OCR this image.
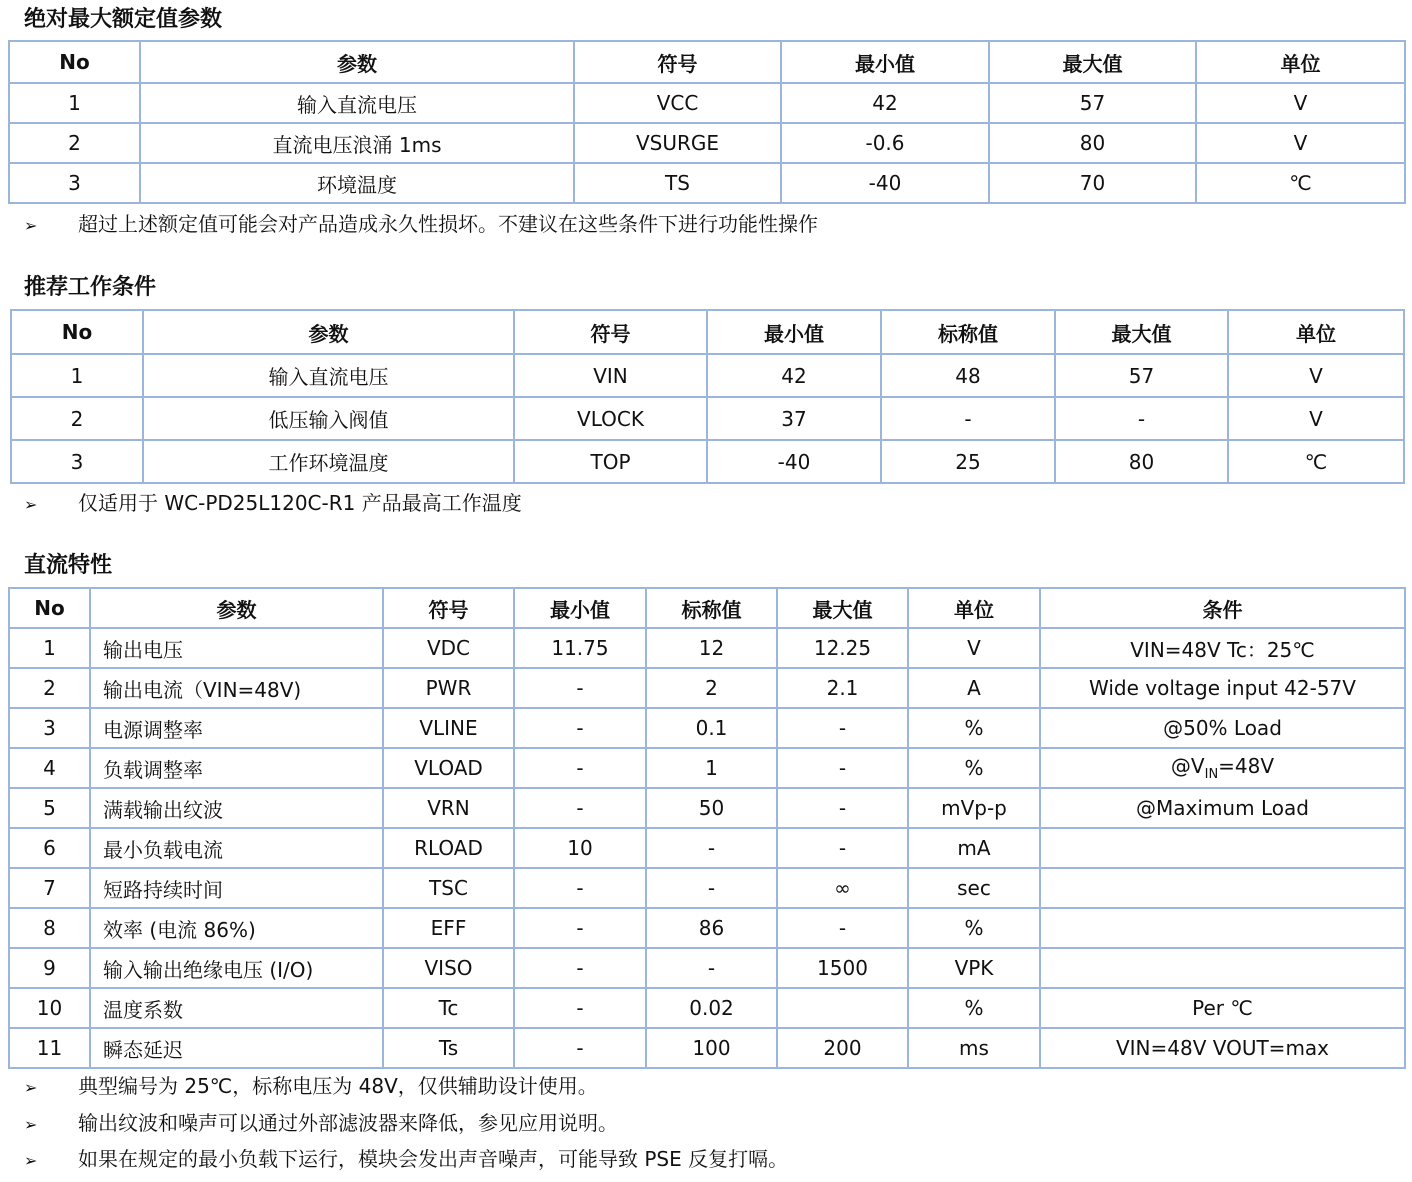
绝对最大额定值参数
No	参数	符号	最小值	最大值	单位
1	输入直流电压	VCC	42	57	V
2	直流电压浪涌 1ms	VSURGE	-0.6	80	V
3	环境温度	TS	-40	70	℃
➢ 超过上述额定值可能会对产品造成永久性损坏。不建议在这些条件下进行功能性操作
推荐工作条件
No	参数	符号	最小值	标称值	最大值	单位
1	输入直流电压	VIN	42	48	57	V
2	低压输入阀值	VLOCK	37	-	-	V
3	工作环境温度	TOP	-40	25	80	℃
➢ 仅适用于 WC-PD25L120C-R1 产品最高工作温度
直流特性
No	参数	符号	最小值	标称值	最大值	单位	条件
1	输出电压	VDC	11.75	12	12.25	V	VIN=48V Tc：25℃
2	输出电流（VIN=48V)	PWR	-	2	2.1	A	Wide voltage input 42-57V
3	电源调整率	VLINE	-	0.1	-	%	@50% Load
4	负载调整率	VLOAD	-	1	-	%	$@V_{IN}=48V$
5	满载输出纹波	VRN	-	50	-	mVp-p	@Maximum Load
6	最小负载电流	RLOAD	10	-	-	mA	
7	短路持续时间	TSC	-	-	∞	sec	
8	效率 (电流 86%)	EFF	-	86	-	%	
9	输入输出绝缘电压 (I/O)	VISO	-	-	1500	VPK	
10	温度系数	Tc	-	0.02		%	Per ℃
11	瞬态延迟	Ts	-	100	200	ms	VIN=48V VOUT=max
➢ 典型编号为 25℃，标称电压为 48V，仅供辅助设计使用。
➢ 输出纹波和噪声可以通过外部滤波器来降低，参见应用说明。
➢ 如果在规定的最小负载下运行，模块会发出声音噪声，可能导致 PSE 反复打嗝。
